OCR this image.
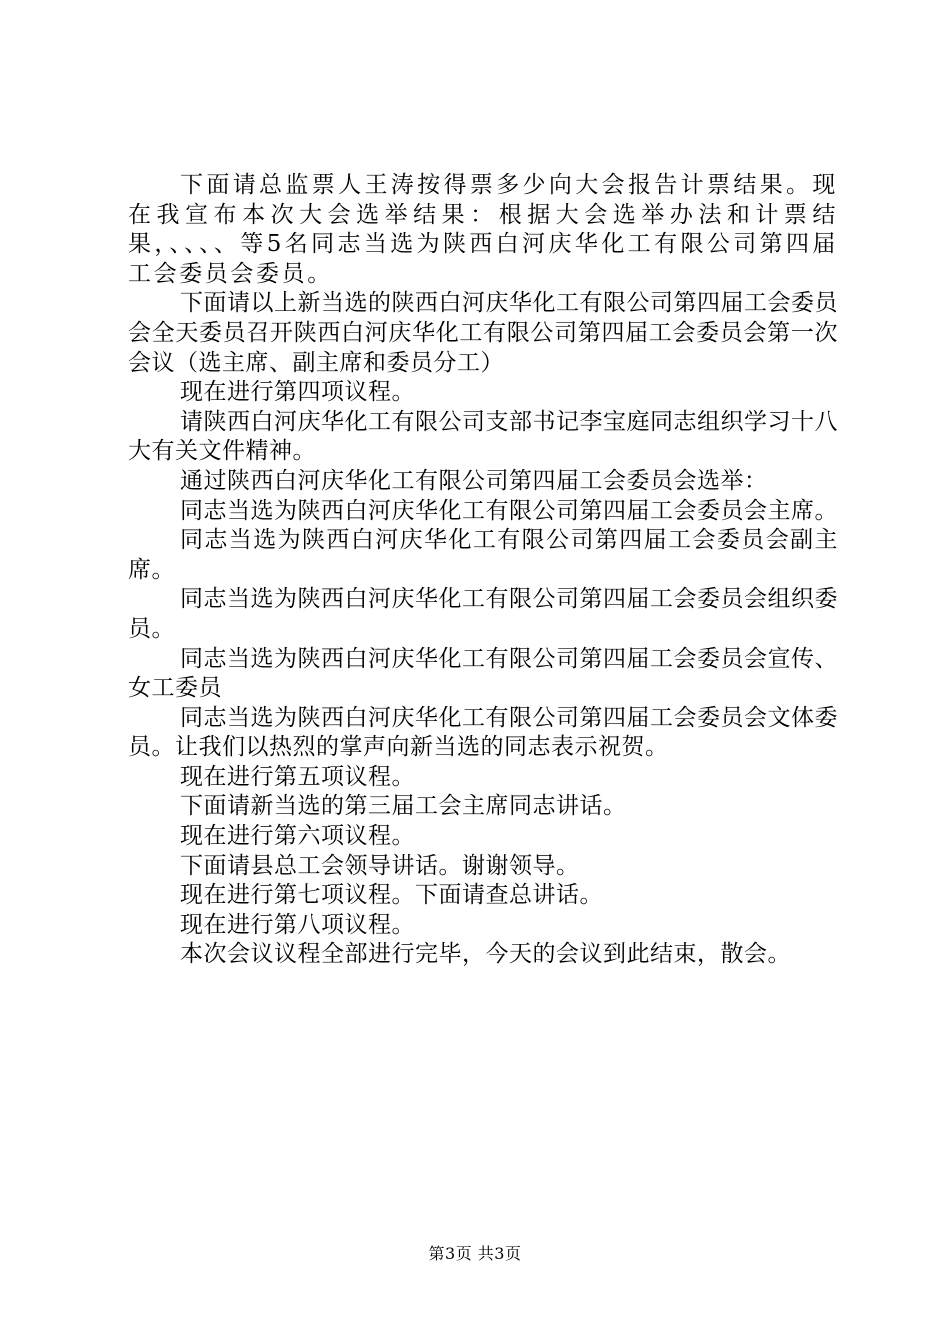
下面请总监票人王涛按得票多少向大会报告计票结果。现在我宣布本次大会选举结果：根据大会选举办法和计票结果，、、、、等5名同志当选为陕西白河庆华化工有限公司第四届工会委员会委员。

下面请以上新当选的陕西白河庆华化工有限公司第四届工会委员会全天委员召开陕西白河庆华化工有限公司第四届工会委员会第一次会议（选主席、副主席和委员分工）

现在进行第四项议程。

请陕西白河庆华化工有限公司支部书记李宝庭同志组织学习十八大有关文件精神。

通过陕西白河庆华化工有限公司第四届工会委员会选举：

同志当选为陕西白河庆华化工有限公司第四届工会委员会主席。

同志当选为陕西白河庆华化工有限公司第四届工会委员会副主席。

同志当选为陕西白河庆华化工有限公司第四届工会委员会组织委员。

同志当选为陕西白河庆华化工有限公司第四届工会委员会宣传、女工委员

同志当选为陕西白河庆华化工有限公司第四届工会委员会文体委员。让我们以热烈的掌声向新当选的同志表示祝贺。

现在进行第五项议程。

下面请新当选的第三届工会主席同志讲话。

现在进行第六项议程。

下面请县总工会领导讲话。谢谢领导。

现在进行第七项议程。下面请查总讲话。

现在进行第八项议程。

本次会议议程全部进行完毕，今天的会议到此结束，散会。

第3页 共3页
